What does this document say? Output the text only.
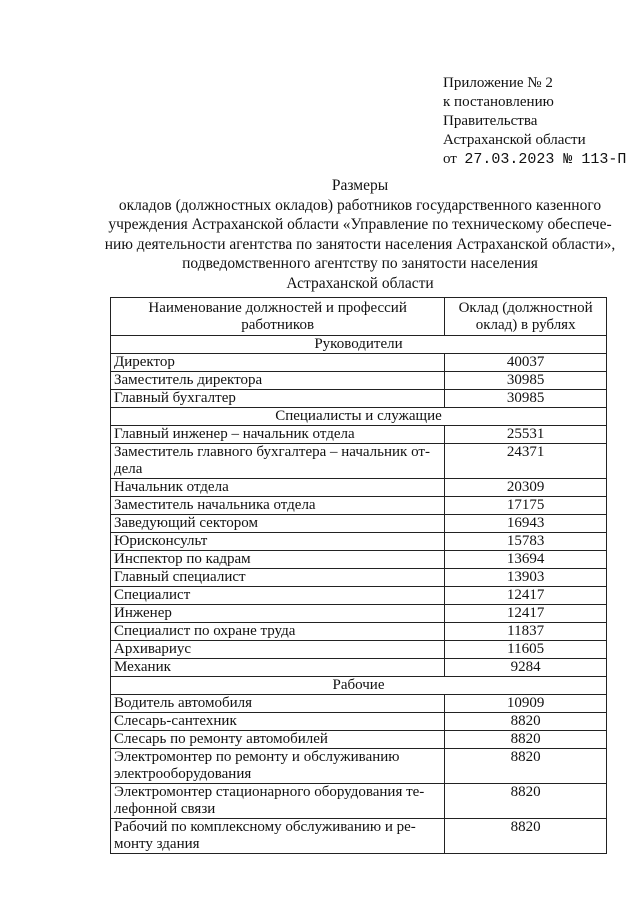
Приложение № 2
к постановлению
Правительства
Астраханской области
от 27.03.2023 № 113-П
Размеры
окладов (должностных окладов) работников государственного казенного
учреждения Астраханской области «Управление по техническому обеспече-
нию деятельности агентства по занятости населения Астраханской области»,
подведомственного агентству по занятости населения
Астраханской области
Наименование должностей и профессий работников	Оклад (должностной оклад) в рублях
Руководители	
Директор	40037
Заместитель директора	30985
Главный бухгалтер	30985
Специалисты и служащие	
Главный инженер – начальник отдела	25531
Заместитель главного бухгалтера – начальник от-дела	24371
Начальник отдела	20309
Заместитель начальника отдела	17175
Заведующий сектором	16943
Юрисконсульт	15783
Инспектор по кадрам	13694
Главный специалист	13903
Специалист	12417
Инженер	12417
Специалист по охране труда	11837
Архивариус	11605
Механик	9284
Рабочие	
Водитель автомобиля	10909
Слесарь-сантехник	8820
Слесарь по ремонту автомобилей	8820
Электромонтер по ремонту и обслуживанию электрооборудования	8820
Электромонтер стационарного оборудования те-лефонной связи	8820
Рабочий по комплексному обслуживанию и ре-монту здания	8820
